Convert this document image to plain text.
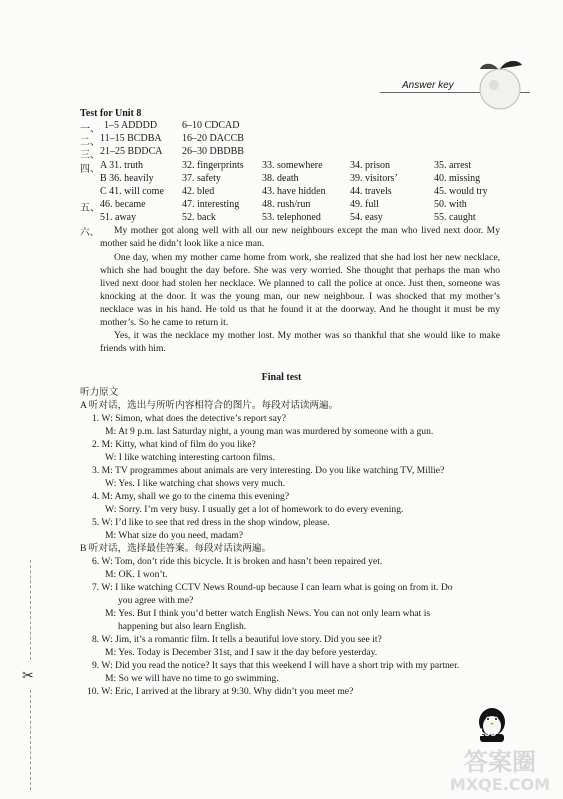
Answer key
Test for Unit 8
一、 1–5 ADDDD 6–10 CDCAD
二、 11–15 BCDBA 16–20 DACCB
三、 21–25 BDDCA 26–30 DBDBB
四、 A 31. truth	32. fingerprints 33. somewhere	34. prison	35. arrest
B 36. heavily	37. safety	38. death	39. visitors’	40. missing
C 41. will come 42. bled	43. have hidden 44. travels	45. would try
五、 46. became	47. interesting 48. rush/run	49. full	50. with
51. away	52. back	53. telephoned	54. easy	55. caught
六、	My mother got along well with all our new neighbours except the man who lived next door. My mother said he didn’t look like a nice man.
One day, when my mother came home from work, she realized that she had lost her new necklace, which she had bought the day before. She was very worried. She thought that perhaps the man who lived next door had stolen her necklace. We planned to call the police at once. Just then, someone was knocking at the door. It was the young man, our new neighbour. I was shocked that my mother’s necklace was in his hand. He told us that he found it at the doorway. And he thought it must be my mother’s. So he came to return it.
Yes, it was the necklace my mother lost. My mother was so thankful that she would like to make friends with him.
Final test
听力原文
A 听对话，选出与所听内容相符合的图片。每段对话读两遍。
1. W: Simon, what does the detective’s report say?
M: At 9 p.m. last Saturday night, a young man was murdered by someone with a gun.
2. M: Kitty, what kind of film do you like?
W: I like watching interesting cartoon films.
3. M: TV programmes about animals are very interesting. Do you like watching TV, Millie?
W: Yes. I like watching chat shows very much.
4. M: Amy, shall we go to the cinema this evening?
W: Sorry. I’m very busy. I usually get a lot of homework to do every evening.
5. W: I’d like to see that red dress in the shop window, please.
M: What size do you need, madam?
B 听对话，选择最佳答案。每段对话读两遍。
6. W: Tom, don’t ride this bicycle. It is broken and hasn’t been repaired yet.
M: OK. I won’t.
7. W: I like watching CCTV News Round-up because I can learn what is going on from it. Do
you agree with me?
M: Yes. But I think you’d better watch English News. You can not only learn what is
happening but also learn English.
8. W: Jim, it’s a romantic film. It tells a beautiful love story. Did you see it?
M: Yes. Today is December 31st, and I saw it the day before yesterday.
9. W: Did you read the notice? It says that this weekend I will have a short trip with my partner.
M: So we will have no time to go swimming.
10. W: Eric, I arrived at the library at 9:30. Why didn’t you meet me?
✂
155
答案圈
MXQE.COM
